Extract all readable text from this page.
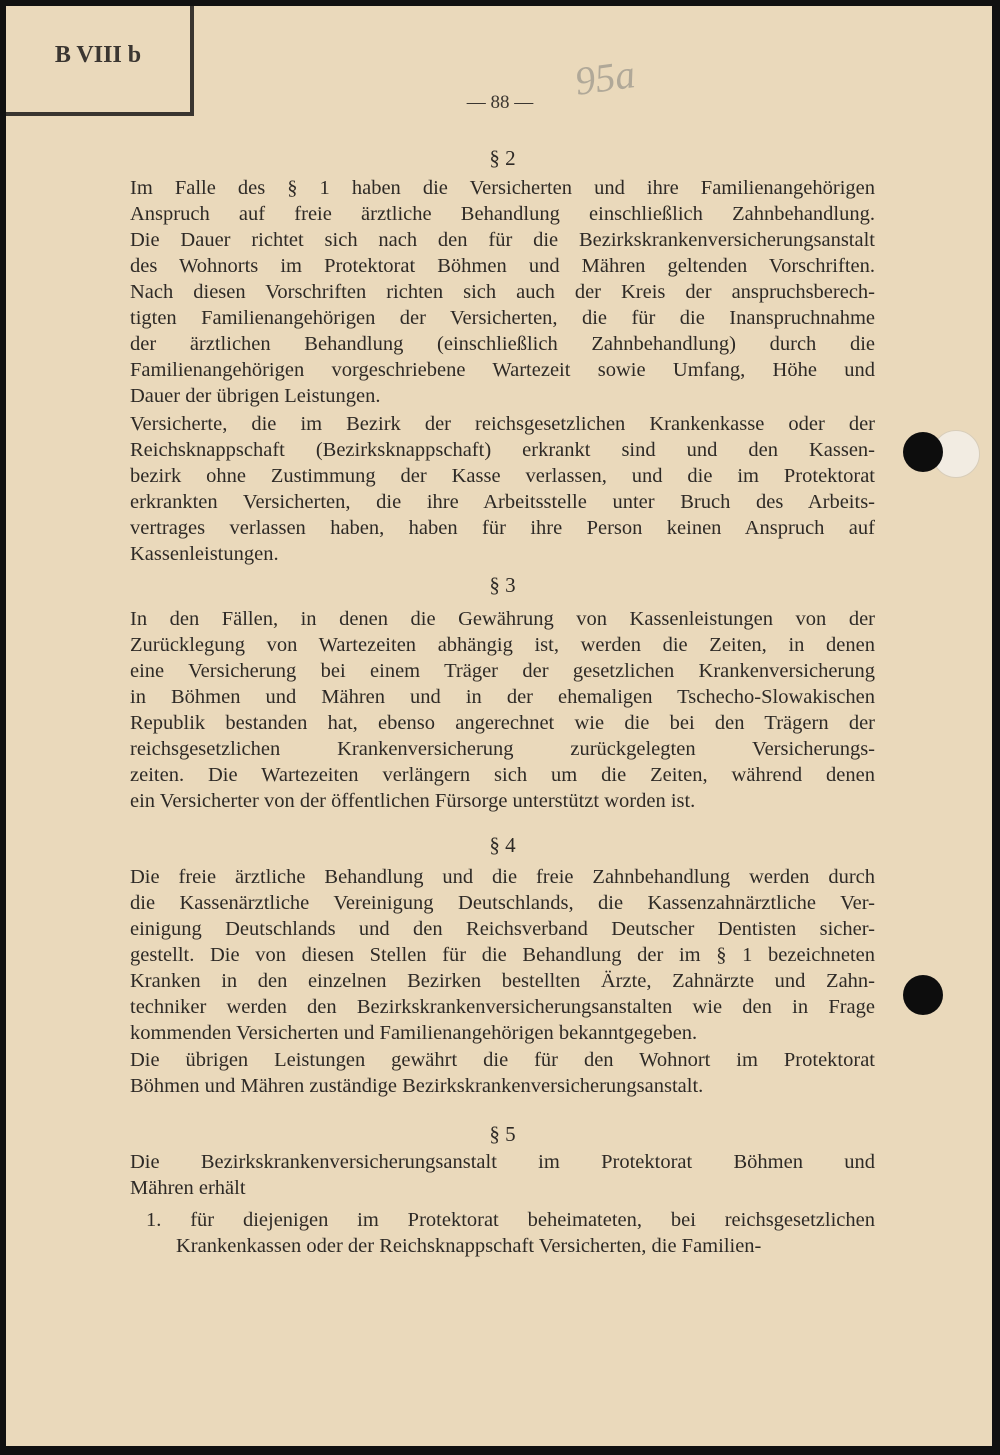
B VIII b	95a
— 88 —
§ 2
Im Falle des § 1 haben die Versicherten und ihre Familienangehörigen
Anspruch auf freie ärztliche Behandlung einschließlich Zahnbehandlung.
Die Dauer richtet sich nach den für die Bezirkskrankenversicherungsanstalt
des Wohnorts im Protektorat Böhmen und Mähren geltenden Vorschriften.
Nach diesen Vorschriften richten sich auch der Kreis der anspruchsberech-
tigten Familienangehörigen der Versicherten, die für die Inanspruchnahme
der ärztlichen Behandlung (einschließlich Zahnbehandlung) durch die
Familienangehörigen vorgeschriebene Wartezeit sowie Umfang, Höhe und
Dauer der übrigen Leistungen.
Versicherte, die im Bezirk der reichsgesetzlichen Krankenkasse oder der
Reichsknappschaft (Bezirksknappschaft) erkrankt sind und den Kassen-
bezirk ohne Zustimmung der Kasse verlassen, und die im Protektorat
erkrankten Versicherten, die ihre Arbeitsstelle unter Bruch des Arbeits-
vertrages verlassen haben, haben für ihre Person keinen Anspruch auf
Kassenleistungen.
§ 3
In den Fällen, in denen die Gewährung von Kassenleistungen von der
Zurücklegung von Wartezeiten abhängig ist, werden die Zeiten, in denen
eine Versicherung bei einem Träger der gesetzlichen Krankenversicherung
in Böhmen und Mähren und in der ehemaligen Tschecho-Slowakischen
Republik bestanden hat, ebenso angerechnet wie die bei den Trägern der
reichsgesetzlichen Krankenversicherung zurückgelegten Versicherungs-
zeiten. Die Wartezeiten verlängern sich um die Zeiten, während denen
ein Versicherter von der öffentlichen Fürsorge unterstützt worden ist.
§ 4
Die freie ärztliche Behandlung und die freie Zahnbehandlung werden durch
die Kassenärztliche Vereinigung Deutschlands, die Kassenzahnärztliche Ver-
einigung Deutschlands und den Reichsverband Deutscher Dentisten sicher-
gestellt. Die von diesen Stellen für die Behandlung der im § 1 bezeichneten
Kranken in den einzelnen Bezirken bestellten Ärzte, Zahnärzte und Zahn-
techniker werden den Bezirkskrankenversicherungsanstalten wie den in Frage
kommenden Versicherten und Familienangehörigen bekanntgegeben.
Die übrigen Leistungen gewährt die für den Wohnort im Protektorat
Böhmen und Mähren zuständige Bezirkskrankenversicherungsanstalt.
§ 5
Die Bezirkskrankenversicherungsanstalt im Protektorat Böhmen und
Mähren erhält
1. für diejenigen im Protektorat beheimateten, bei reichsgesetzlichen
Krankenkassen oder der Reichsknappschaft Versicherten, die Familien-
